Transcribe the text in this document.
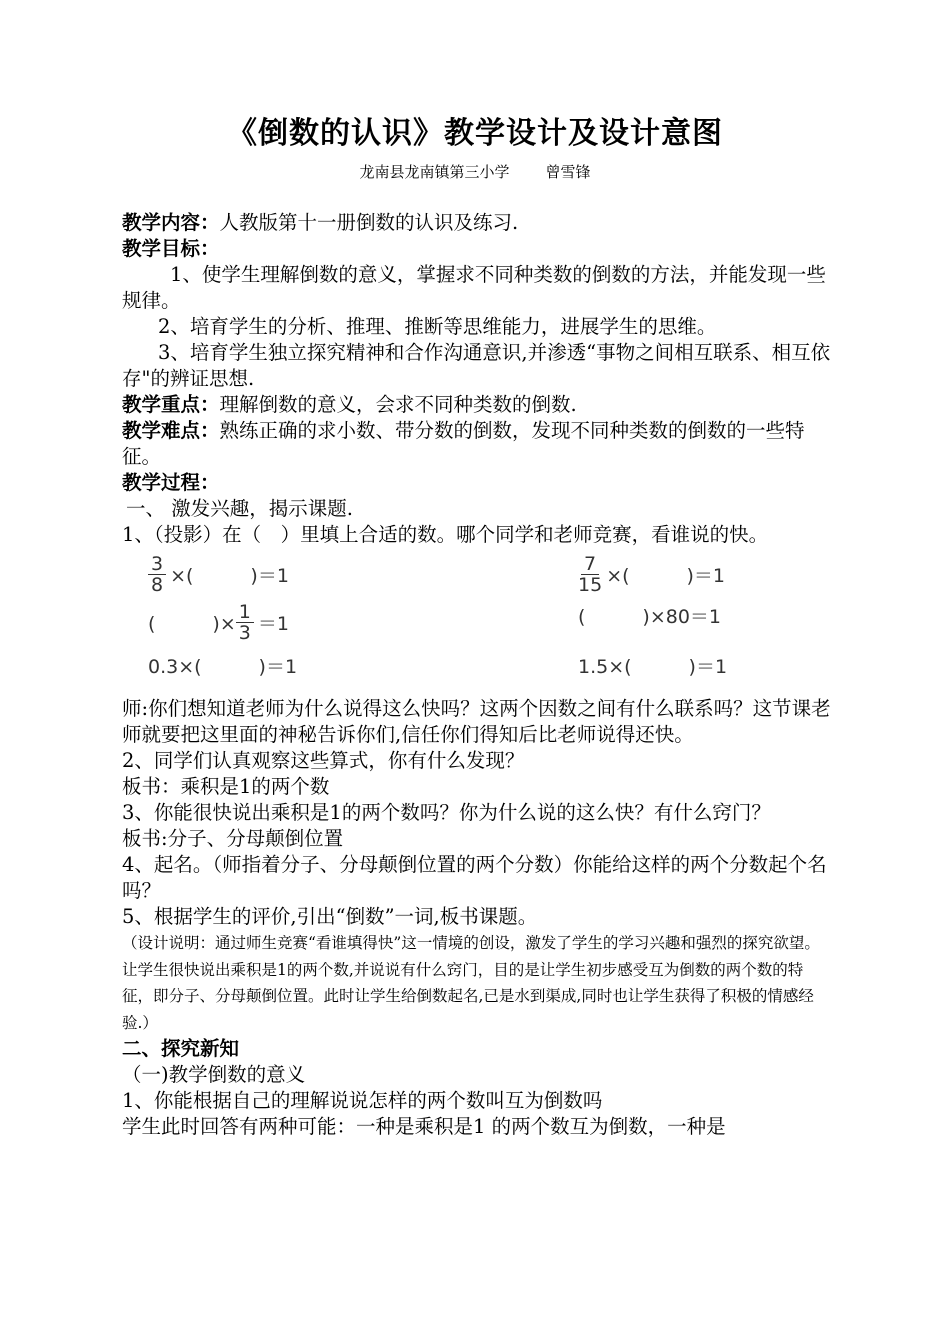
《倒数的认识》教学设计及设计意图
龙南县龙南镇第三小学 曾雪锋

教学内容：人教版第十一册倒数的认识及练习.

教学目标：

1、使学生理解倒数的意义，掌握求不同种类数的倒数的方法，并能发现一些规律。

2、培育学生的分析、推理、推断等思维能力，进展学生的思维。

3、培育学生独立探究精神和合作沟通意识,并渗透“事物之间相互联系、相互依存"的辨证思想.

教学重点：理解倒数的意义，会求不同种类数的倒数.

教学难点：熟练正确的求小数、带分数的倒数，发现不同种类数的倒数的一些特征。

教学过程：

一、 激发兴趣，揭示课题.

1、（投影）在（　）里填上合适的数。哪个同学和老师竞赛，看谁说的快。

$\frac{3}{8}$ ×(　　　)＝1	$\frac{7}{15}$ ×(　　　)＝1
(　　　)× $\frac{1}{3} =1$	(　　　)×80＝1
0.3×(　　　)＝1	1.5×(　　　)＝1

师:你们想知道老师为什么说得这么快吗？这两个因数之间有什么联系吗？这节课老师就要把这里面的神秘告诉你们,信任你们得知后比老师说得还快。

2、同学们认真观察这些算式，你有什么发现？

板书：乘积是1的两个数

3、你能很快说出乘积是1的两个数吗？你为什么说的这么快？有什么窍门？

板书:分子、分母颠倒位置

4、起名。（师指着分子、分母颠倒位置的两个分数）你能给这样的两个分数起个名吗？

5、根据学生的评价,引出“倒数”一词,板书课题。

（设计说明：通过师生竞赛“看谁填得快”这一情境的创设，激发了学生的学习兴趣和强烈的探究欲望。让学生很快说出乘积是1的两个数,并说说有什么窍门，目的是让学生初步感受互为倒数的两个数的特征，即分子、分母颠倒位置。此时让学生给倒数起名,已是水到渠成,同时也让学生获得了积极的情感经验.）

二、探究新知

（一)教学倒数的意义

1、你能根据自己的理解说说怎样的两个数叫互为倒数吗

学生此时回答有两种可能：一种是乘积是1 的两个数互为倒数，一种是
